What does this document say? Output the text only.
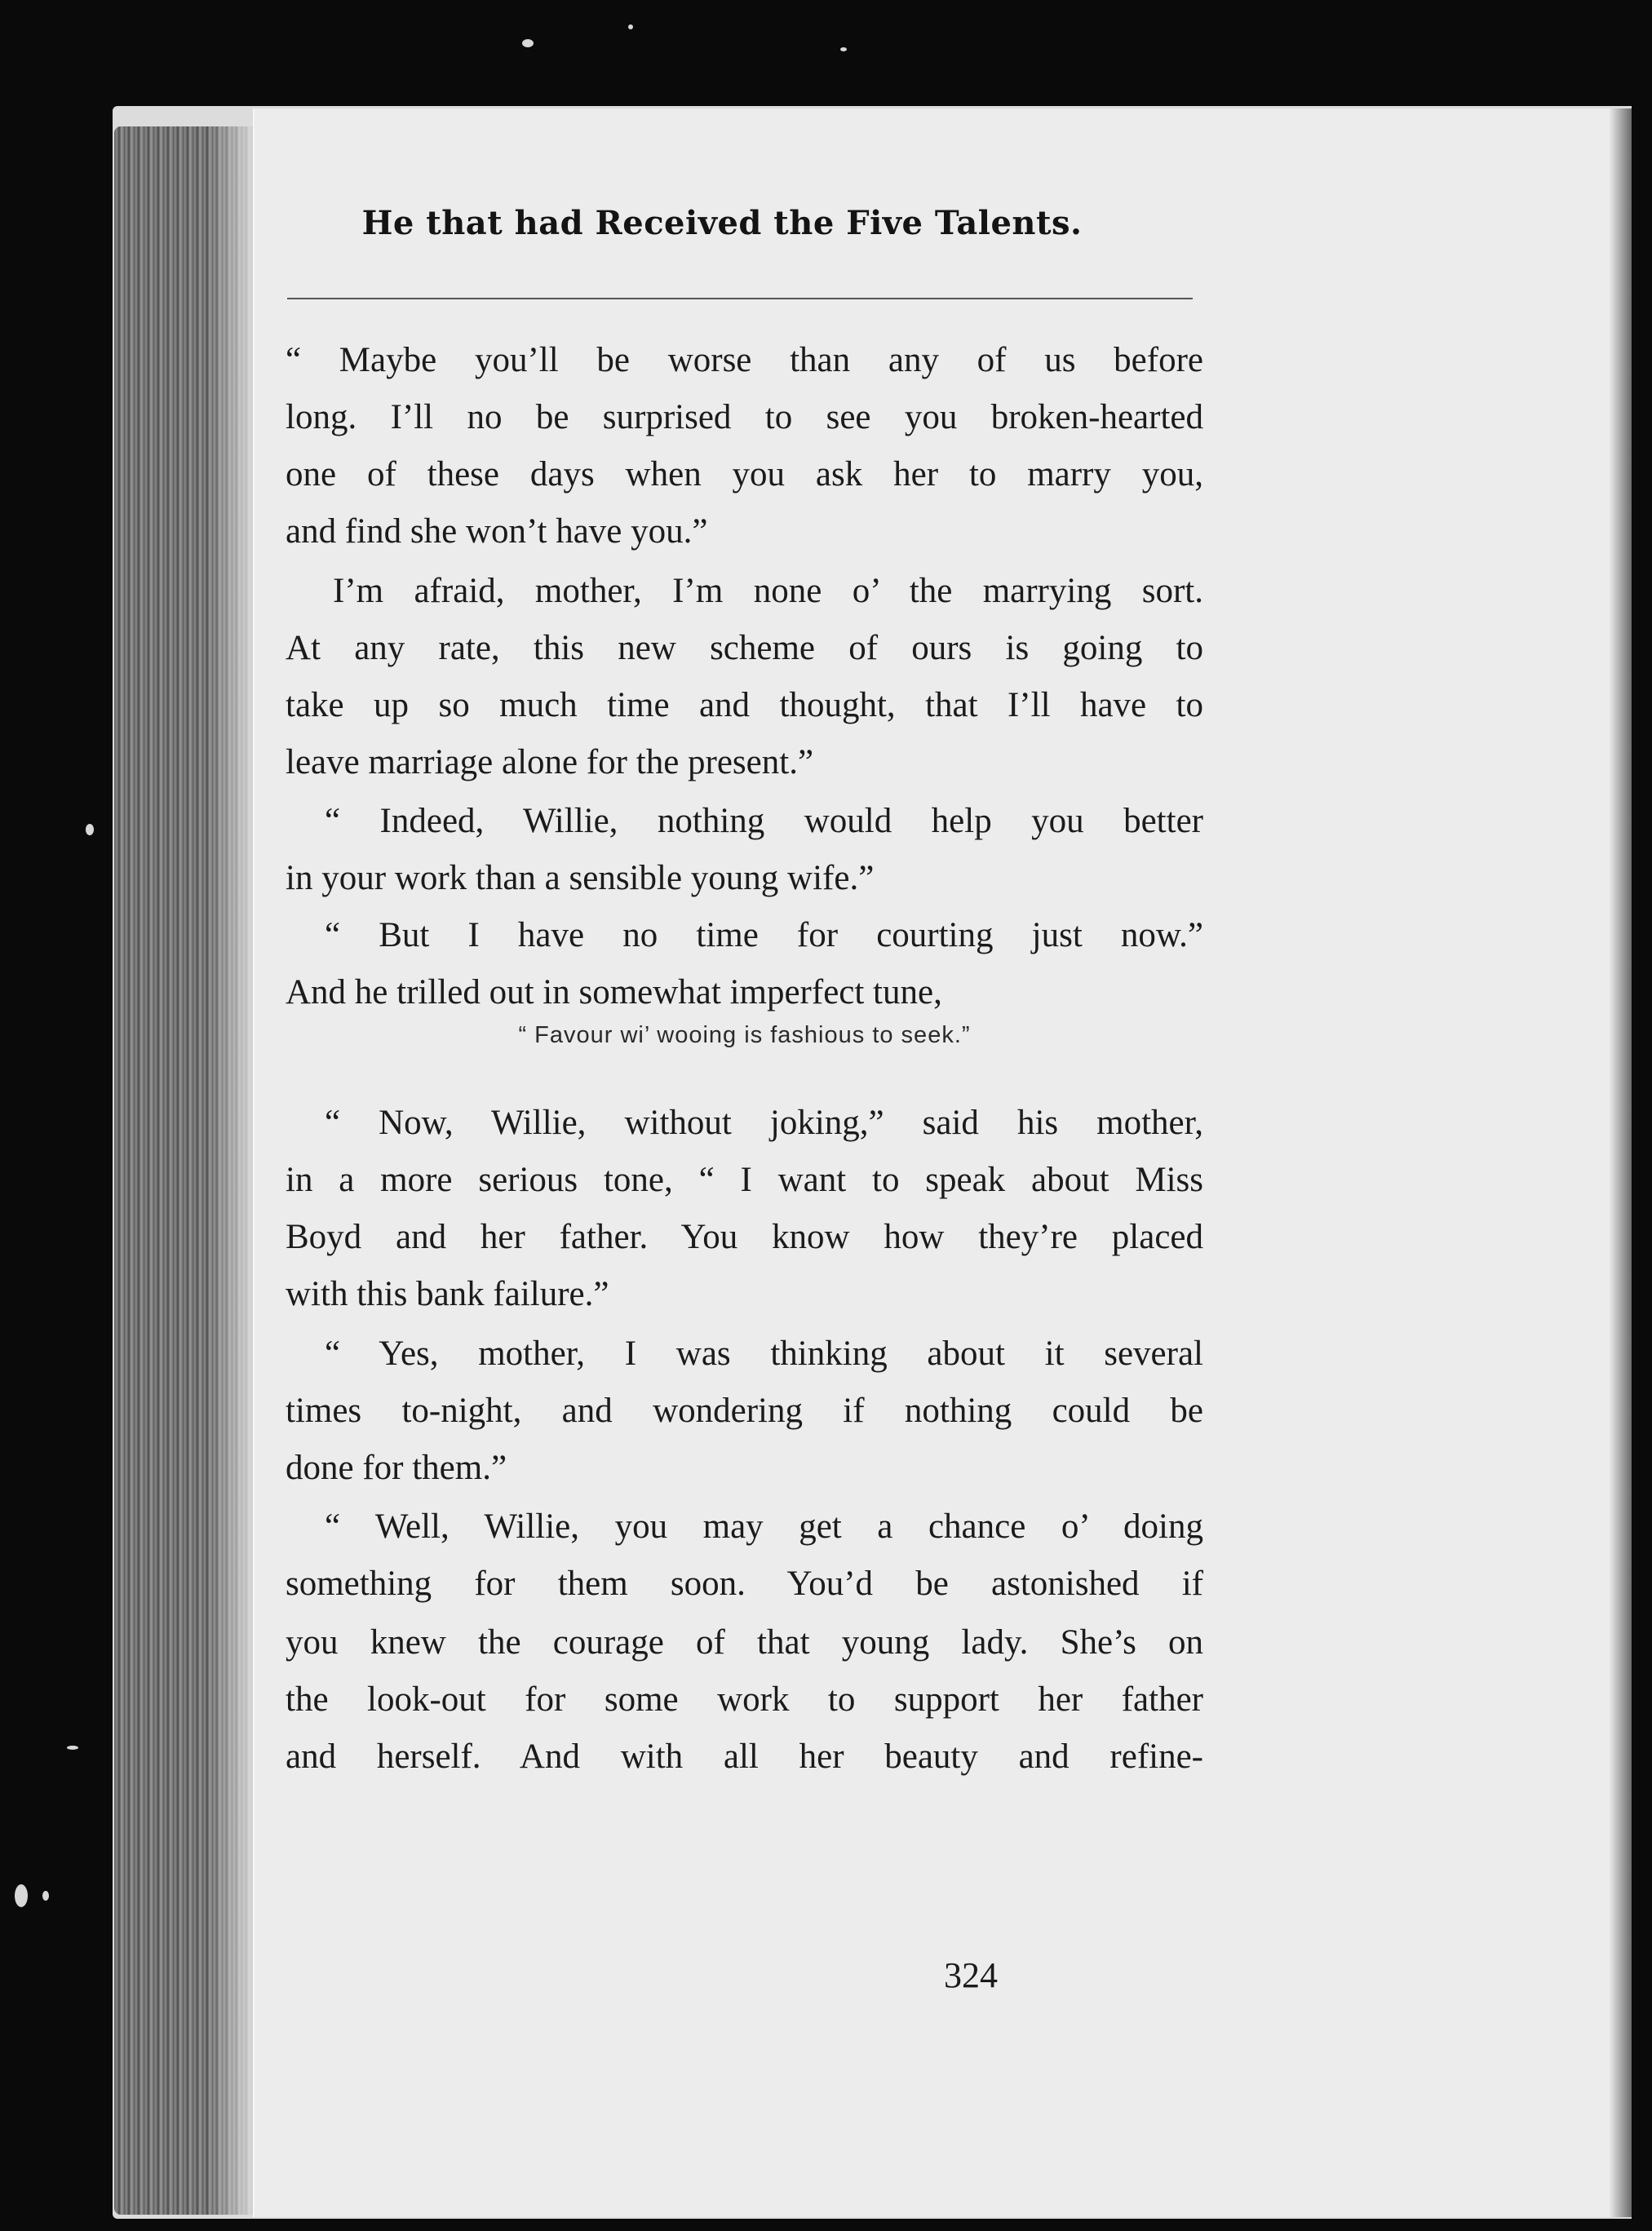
He that had Received the Five Talents.
“ Maybe you’ll be worse than any of us before
long. I’ll no be surprised to see you broken-hearted
one of these days when you ask her to marry you,
and find she won’t have you.”
I’m afraid, mother, I’m none o’ the marrying sort.
At any rate, this new scheme of ours is going to
take up so much time and thought, that I’ll have to
leave marriage alone for the present.”
“ Indeed, Willie, nothing would help you better
in your work than a sensible young wife.”
“ But I have no time for courting just now.”
And he trilled out in somewhat imperfect tune,
“ Favour wi’ wooing is fashious to seek.”
“ Now, Willie, without joking,” said his mother,
in a more serious tone, “ I want to speak about Miss
Boyd and her father. You know how they’re placed
with this bank failure.”
“ Yes, mother, I was thinking about it several
times to-night, and wondering if nothing could be
done for them.”
“ Well, Willie, you may get a chance o’ doing
something for them soon. You’d be astonished if
you knew the courage of that young lady. She’s on
the look-out for some work to support her father
and herself. And with all her beauty and refine-
324
